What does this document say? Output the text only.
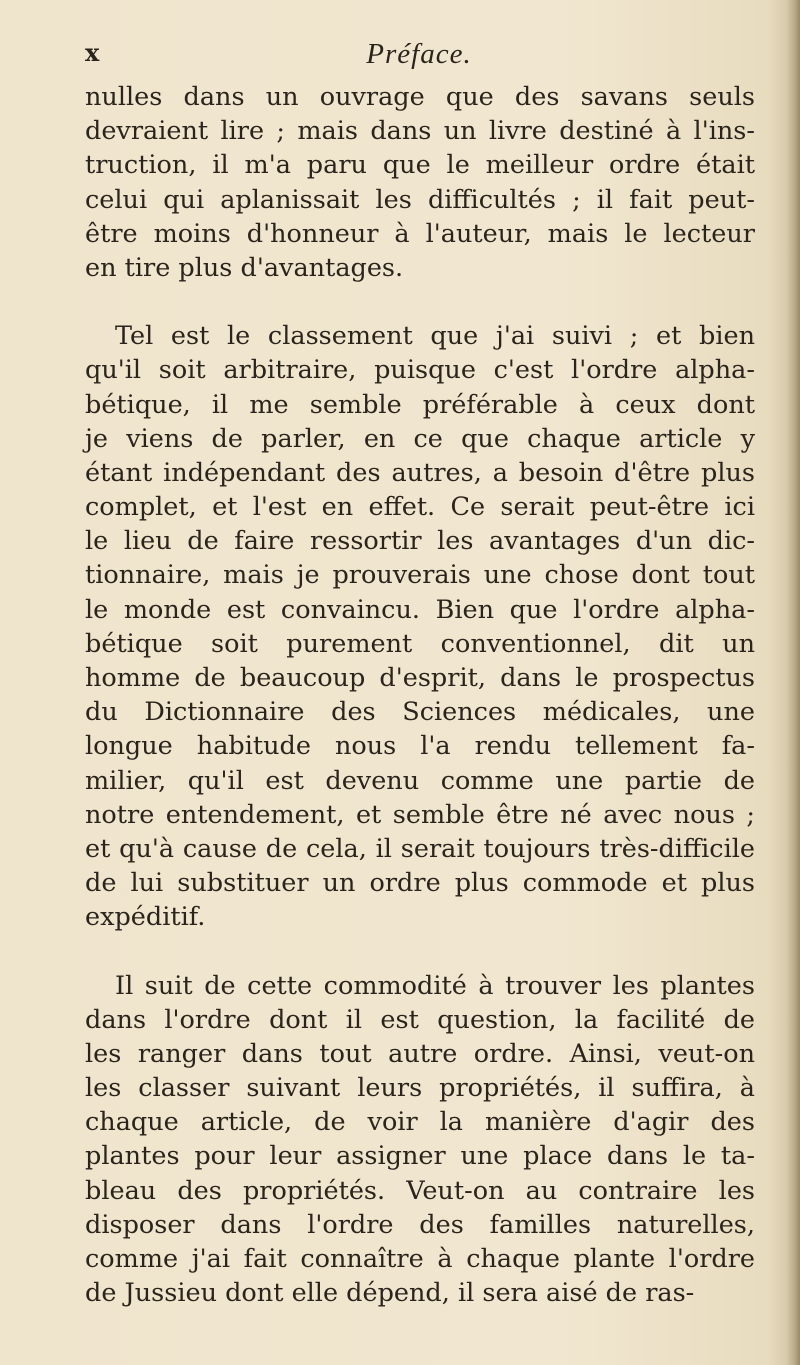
x	Préface.
nulles dans un ouvrage que des savans seuls
devraient lire ; mais dans un livre destiné à l'ins-
truction, il m'a paru que le meilleur ordre était
celui qui aplanissait les difficultés ; il fait peut-
être moins d'honneur à l'auteur, mais le lecteur
en tire plus d'avantages.
Tel est le classement que j'ai suivi ; et bien
qu'il soit arbitraire, puisque c'est l'ordre alpha-
bétique, il me semble préférable à ceux dont
je viens de parler, en ce que chaque article y
étant indépendant des autres, a besoin d'être plus
complet, et l'est en effet. Ce serait peut-être ici
le lieu de faire ressortir les avantages d'un dic-
tionnaire, mais je prouverais une chose dont tout
le monde est convaincu. Bien que l'ordre alpha-
bétique soit purement conventionnel, dit un
homme de beaucoup d'esprit, dans le prospectus
du Dictionnaire des Sciences médicales, une
longue habitude nous l'a rendu tellement fa-
milier, qu'il est devenu comme une partie de
notre entendement, et semble être né avec nous ;
et qu'à cause de cela, il serait toujours très-difficile
de lui substituer un ordre plus commode et plus
expéditif.
Il suit de cette commodité à trouver les plantes
dans l'ordre dont il est question, la facilité de
les ranger dans tout autre ordre. Ainsi, veut-on
les classer suivant leurs propriétés, il suffira, à
chaque article, de voir la manière d'agir des
plantes pour leur assigner une place dans le ta-
bleau des propriétés. Veut-on au contraire les
disposer dans l'ordre des familles naturelles,
comme j'ai fait connaître à chaque plante l'ordre
de Jussieu dont elle dépend, il sera aisé de ras-
